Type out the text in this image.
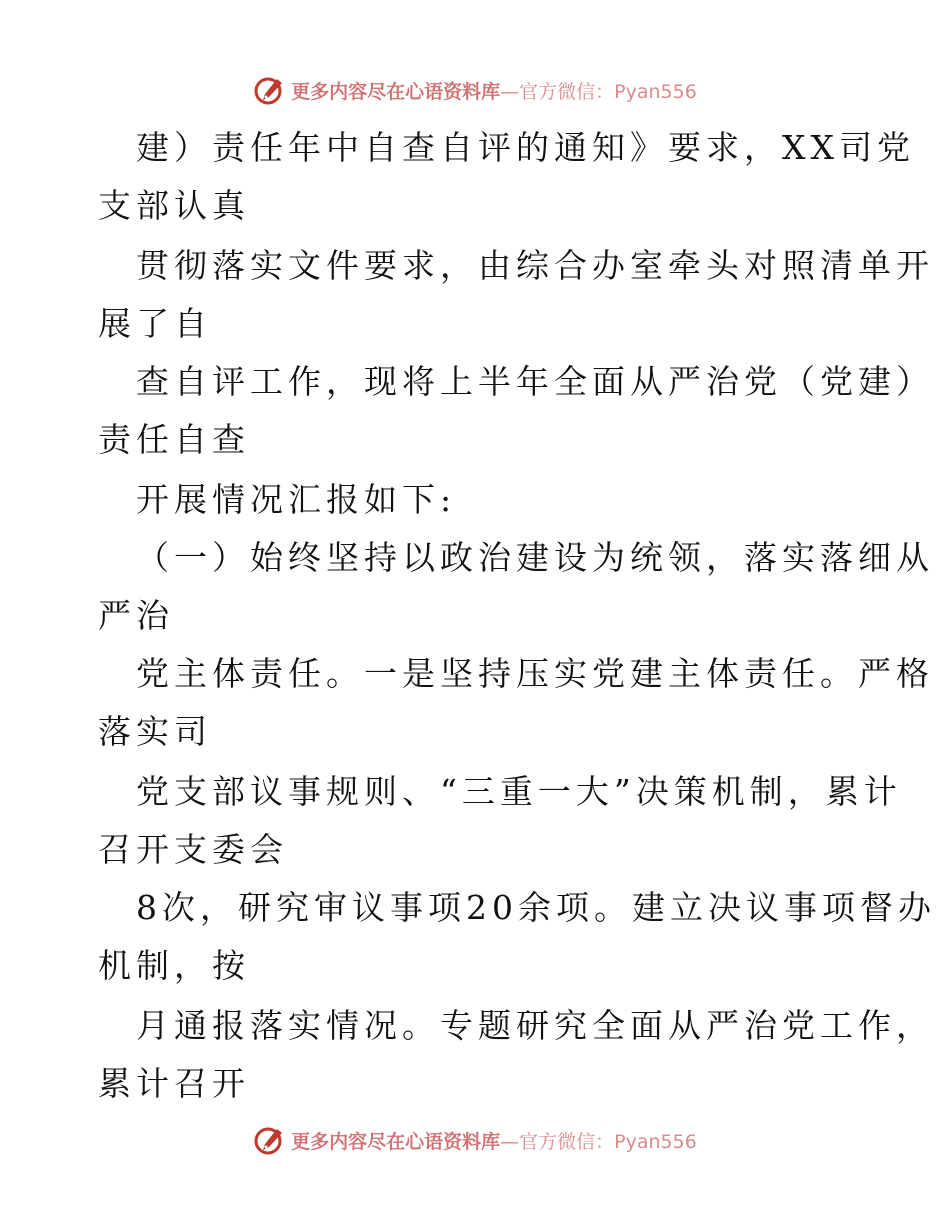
更多内容尽在心语资料库—官方微信：Pyan556
建）责任年中自查自评的通知》要求，XX司党
支部认真
贯彻落实文件要求，由综合办室牵头对照清单开
展了自
查自评工作，现将上半年全面从严治党（党建）
责任自查
开展情况汇报如下:
（一）始终坚持以政治建设为统领，落实落细从
严治
党主体责任。一是坚持压实党建主体责任。严格
落实司
党支部议事规则、“三重一大”决策机制，累计
召开支委会
8次，研究审议事项20余项。建立决议事项督办
机制，按
月通报落实情况。专题研究全面从严治党工作，
累计召开
更多内容尽在心语资料库—官方微信：Pyan556
